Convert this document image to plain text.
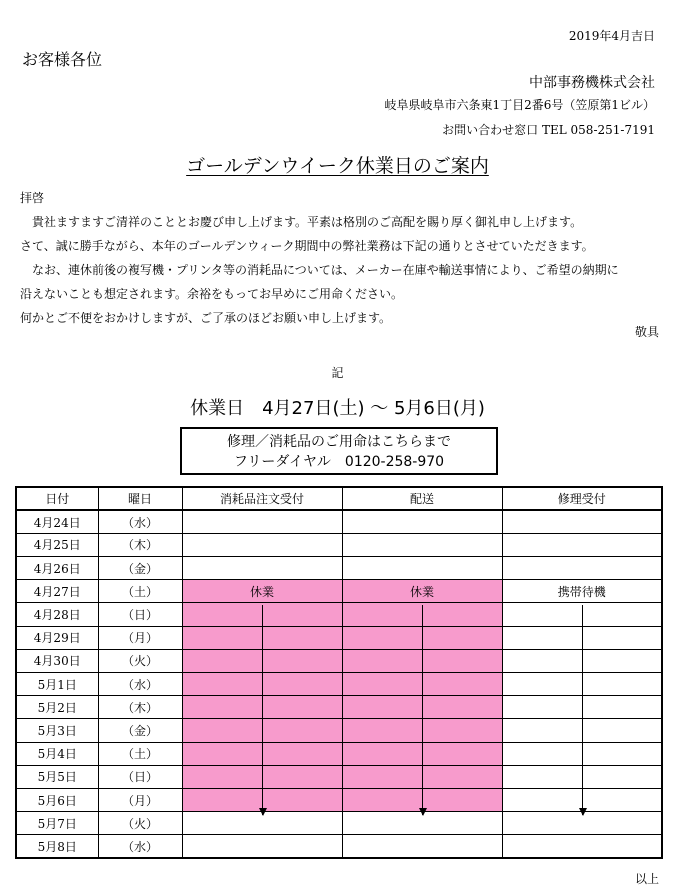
2019年4月吉日
お客様各位
中部事務機株式会社
岐阜県岐阜市六条東1丁目2番6号（笠原第1ビル）
お問い合わせ窓口 TEL 058-251-7191
ゴールデンウイーク休業日のご案内

拝啓

　貴社ますますご清祥のこととお慶び申し上げます。平素は格別のご高配を賜り厚く御礼申し上げます。

さて、誠に勝手ながら、本年のゴールデンウィーク期間中の弊社業務は下記の通りとさせていただきます。

　なお、連休前後の複写機・プリンタ等の消耗品については、メーカー在庫や輸送事情により、ご希望の納期に

沿えないことも想定されます。余裕をもってお早めにご用命ください。

何かとご不便をおかけしますが、ご了承のほどお願い申し上げます。

敬具
記
休業日　4月27日(土) ～ 5月6日(月)
修理／消耗品のご用命はこちらまで
フリーダイヤル　0120-258-970
日付	曜日	消耗品注文受付	配送	修理受付
4月24日	（水）			
4月25日	（木）			
4月26日	（金）			
4月27日	（土）	休業	休業	携帯待機
4月28日	（日）			
4月29日	（月）			
4月30日	（火）			
5月1日	（水）			
5月2日	（木）			
5月3日	（金）			
5月4日	（土）			
5月5日	（日）			
5月6日	（月）			
5月7日	（火）			
5月8日	（水）			
以上
